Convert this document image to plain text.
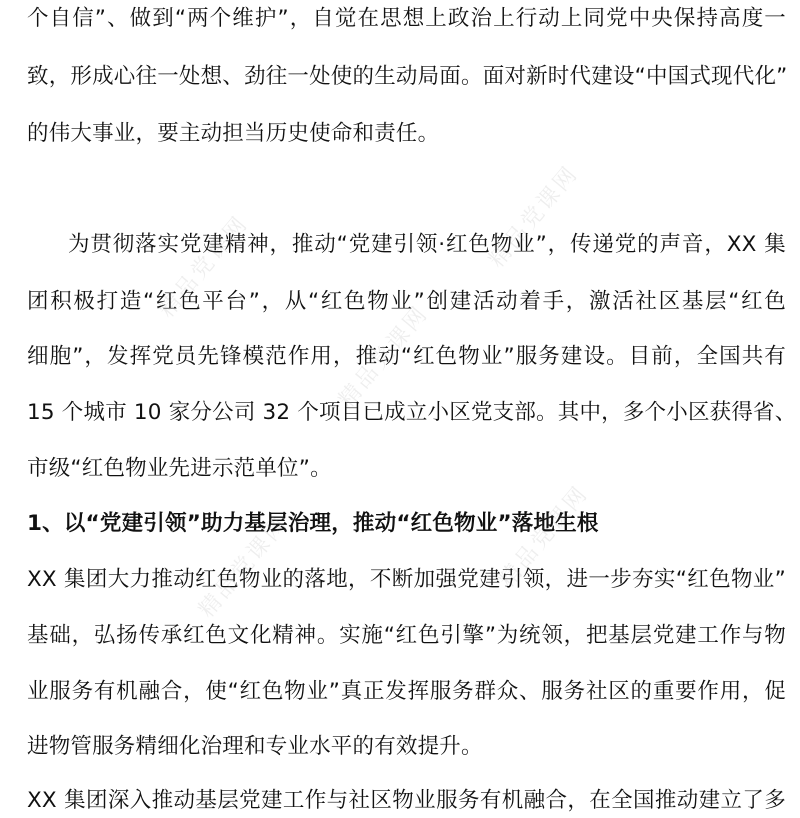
个自信”、做到“两个维护”，自觉在思想上政治上行动上同党中央保持高度一
致，形成心往一处想、劲往一处使的生动局面。面对新时代建设“中国式现代化”
的伟大事业，要主动担当历史使命和责任。
为贯彻落实党建精神，推动“党建引领·红色物业”，传递党的声音，XX 集
团积极打造“红色平台”，从“红色物业”创建活动着手，激活社区基层“红色
细胞”，发挥党员先锋模范作用，推动“红色物业”服务建设。目前，全国共有
15 个城市 10 家分公司 32 个项目已成立小区党支部。其中，多个小区获得省、
市级“红色物业先进示范单位”。
1、以“党建引领”助力基层治理，推动“红色物业”落地生根
XX 集团大力推动红色物业的落地，不断加强党建引领，进一步夯实“红色物业”
基础，弘扬传承红色文化精神。实施“红色引擎”为统领，把基层党建工作与物
业服务有机融合，使“红色物业”真正发挥服务群众、服务社区的重要作用，促
进物管服务精细化治理和专业水平的有效提升。
XX 集团深入推动基层党建工作与社区物业服务有机融合，在全国推动建立了多
精品党课网	精品党课网
精品党课网
精品党课网	精品党课网
